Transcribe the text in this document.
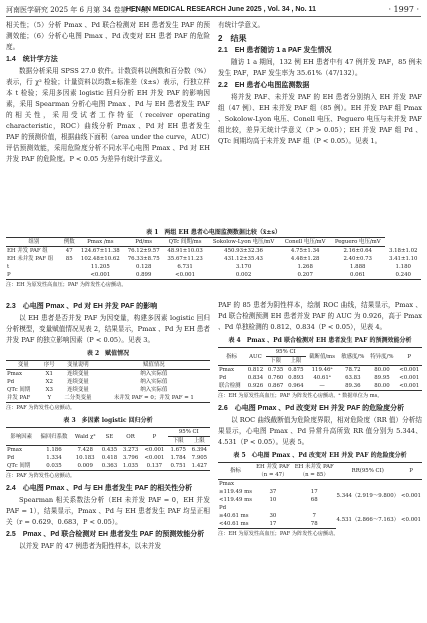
河南医学研究 2025 年 6 月第 34 卷第 11 期
HENAN MEDICAL RESEARCH June 2025 , Vol. 34 , No. 11	· 1997 ·

相关性；（5）分析 Pmax 、Pd 联合检测对 EH 患者发生 PAF 的预测效能；（6）分析心电图 Pmax 、Pd 改变对 EH 患者 PAF 的危险度。

1.4　统计学方法

数据分析采用 SPSS 27.0 软件。计数资料以例数和百分数（%）表示，行 χ² 检验；计量资料以均数±标准差（x̄±s）表示，行独立样本 t 检验；采用多因素 logistic 回归分析 EH 并发 PAF 的影响因素，采用 Spearman 分析心电图 Pmax 、Pd 与 EH 患者发生 PAF 的相关性，采用受试者工作特征（receiver operating characteristic，ROC）曲线分析 Pmax 、Pd 对 EH 患者发生 PAF 的预测价值，根据曲线下面积（area under the curve，AUC）评估预测效能，采用危险度分析不同水平心电图 Pmax 、Pd 对 EH 并发 PAF 的危险度。P < 0.05 为差异有统计学意义。

有统计学意义。

2　结果
2.1　EH 患者随访 1 a PAF 发生情况

随访 1 a 期间，132 例 EH 患者中有 47 例并发 PAF，85 例未发生 PAF，PAF 发生率为 35.61%（47/132）。

2.2　EH 患者心电图监测数据

将并发 PAF、未并发 PAF 的 EH 患者分别纳入 EH 并发 PAF 组（47 例）、EH 未并发 PAF 组（85 例）。EH 并发 PAF 组 Pmax 、Sokolow-Lyon 电压、Conell 电压、Peguero 电压与未并发 PAF 组比较，差异无统计学意义（P > 0.05）；EH 并发 PAF 组 Pd 、QTc 间期均高于未并发 PAF 组（P < 0.05）。见表 1。

表 1　两组 EH 患者心电图监测数据比较（x̄±s）
组别	例数	Pmax /ms	Pd/ms	QTc 间期/ms	Sokolow-Lyon 电压/mV	Conell 电压/mV	Peguero 电压/mV	
EH 并发 PAF 组	47	124.67±11.38	76.12±9.57	48.91±10.03	450.93±32.36	4.75±1.34	2.16±0.64	3.18±1.02
EH 未并发 PAF 组	85	102.48±10.62	76.33±8.75	35.67±11.23	431.12±35.43	4.48±1.28	2.40±0.73	3.41±1.10
t		11.205	0.128	6.731	3.170	1.268	1.888	1.180
P		<0.001	0.899	<0.001	0.002	0.207	0.061	0.240
注：EH 为原发性高血压；PAF 为阵发性心房颤动。
2.3　心电图 Pmax 、Pd 对 EH 并发 PAF 的影响

以 EH 患者是否并发 PAF 为因变量，构建多因素 logistic 回归分析模型，变量赋值情况见表 2，结果显示，Pmax 、Pd 为 EH 患者并发 PAF 的独立影响因素（P < 0.05）。见表 3。

表 2　赋值情况
变量	序号	变量说明	赋值情况
Pmax	X1	连续变量	纳入实际值
Pd	X2	连续变量	纳入实际值
QTc 间期	X3	连续变量	纳入实际值
并发 PAF	Y	二分类变量	未并发 PAF = 0；并发 PAF = 1
注：PAF 为阵发性心房颤动。
表 3　多因素 logistic 回归分析
影响因素	偏回归系数	Wald χ²	SE	OR	P	95% CI	
						下限	上限
Pmax	1.186	7.428	0.435	3.273	<0.001	1.675	6.394
Pd	1.334	10.183	0.418	3.796	<0.001	1.784	7.905
QTc 间期	0.035	0.009	0.363	1.035	0.137	0.751	1.427
注：PAF 为阵发性心房颤动。
2.4　心电图 Pmax 、Pd 与 EH 患者发生 PAF 的相关性分析

Spearman 相关系数法分析（EH 未并发 PAF = 0，EH 并发 PAF = 1），结果显示，Pmax 、Pd 与 EH 患者发生 PAF 均呈正相关（r = 0.629、0.683，P < 0.05）。

2.5　Pmax 、Pd 联合检测对 EH 患者发生 PAF 的预测效能分析

以并发 PAF 的 47 例患者为阳性样本，以未并发

PAF 的 85 患者为阴性样本，绘制 ROC 曲线，结果显示，Pmax 、Pd 联合检测预测 EH 患者并发 PAF 的 AUC 为 0.926，高于 Pmax 、Pd 单独检测的 0.812、0.834（P < 0.05），见表 4。

表 4　Pmax 、Pd 联合检测对 EH 患者发生 PAF 的预测效能分析
指标	AUC	95% CI		截断值/ms	敏感度/%	特异度/%	P
		下限	上限				
Pmax	0.812	0.735	0.875	119.46ᵃ	78.72	80.00	<0.001
Pd	0.834	0.760	0.893	40.61ᵃ	63.83	89.95	<0.001
联合检测	0.926	0.867	0.964	—	89.36	80.00	<0.001
注：EH 为原发性高血压；PAF 为阵发性心房颤动。ᵃ 数据单位为 ms。
2.6　心电图 Pmax 、Pd 改变对 EH 并发 PAF 的危险度分析

以 ROC 曲线截断值为危险度界限，相对危险度（RR 值）分析结果显示，心电图 Pmax 、Pd 异常升高所致 RR 值分别为 5.344、4.531（P < 0.05）。见表 5。

表 5　心电图 Pmax 、Pd 改变对 EH 并发 PAF 的危险度分析
指标	EH 并发 PAF（n = 47）	EH 未并发 PAF（n = 85）	RR(95% CI)	P
Pmax				
≥119.49 ms	37	17	5.344（2.919～9.800）	<0.001
<119.49 ms	10	68		
Pd				
≥40.61 ms	30	7	4.531（2.866～7.163）	<0.001
<40.61 ms	17	78		
注：EH 为原发性高血压；PAF 为阵发性心房颤动。
